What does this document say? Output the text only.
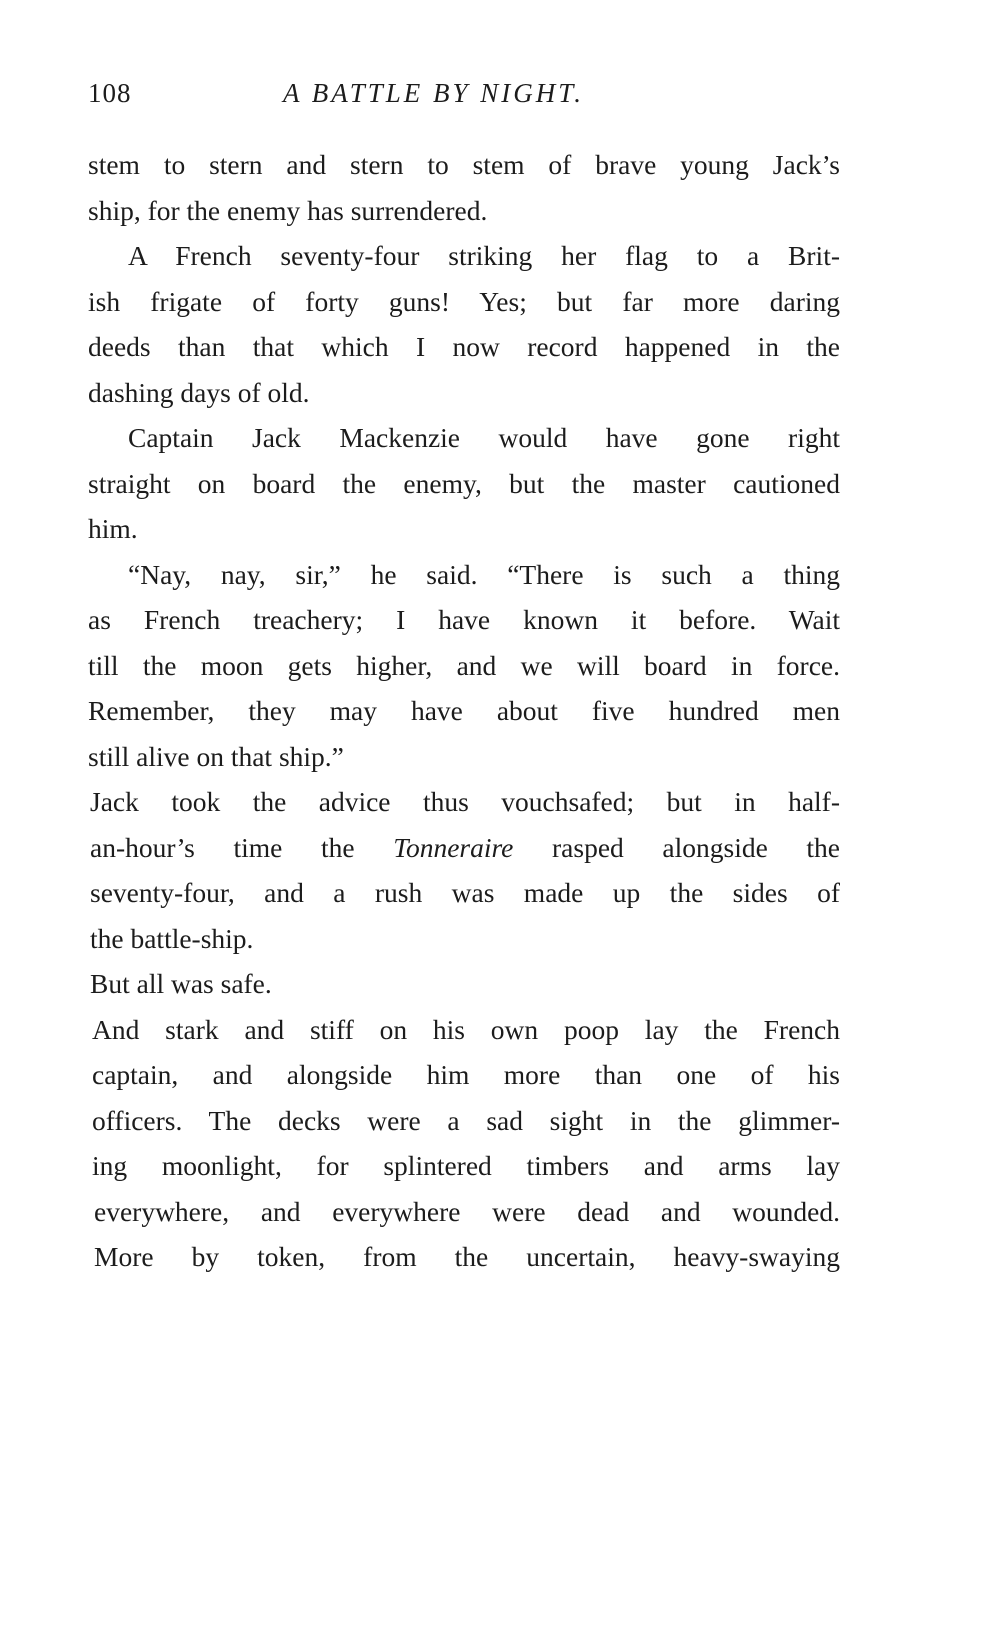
108	A BATTLE BY NIGHT.
stem to stern and stern to stem of brave young Jack’s
ship, for the enemy has surrendered.
A French seventy-four striking her flag to a Brit-
ish frigate of forty guns! Yes; but far more daring
deeds than that which I now record happened in the
dashing days of old.
Captain Jack Mackenzie would have gone right
straight on board the enemy, but the master cautioned
him.
“Nay, nay, sir,” he said. “There is such a thing
as French treachery; I have known it before. Wait
till the moon gets higher, and we will board in force.
Remember, they may have about five hundred men
still alive on that ship.”
Jack took the advice thus vouchsafed; but in half-
an-hour’s time the Tonneraire rasped alongside the
seventy-four, and a rush was made up the sides of
the battle-ship.
But all was safe.
And stark and stiff on his own poop lay the French
captain, and alongside him more than one of his
officers. The decks were a sad sight in the glimmer-
ing moonlight, for splintered timbers and arms lay
everywhere, and everywhere were dead and wounded.
More by token, from the uncertain, heavy-swaying
